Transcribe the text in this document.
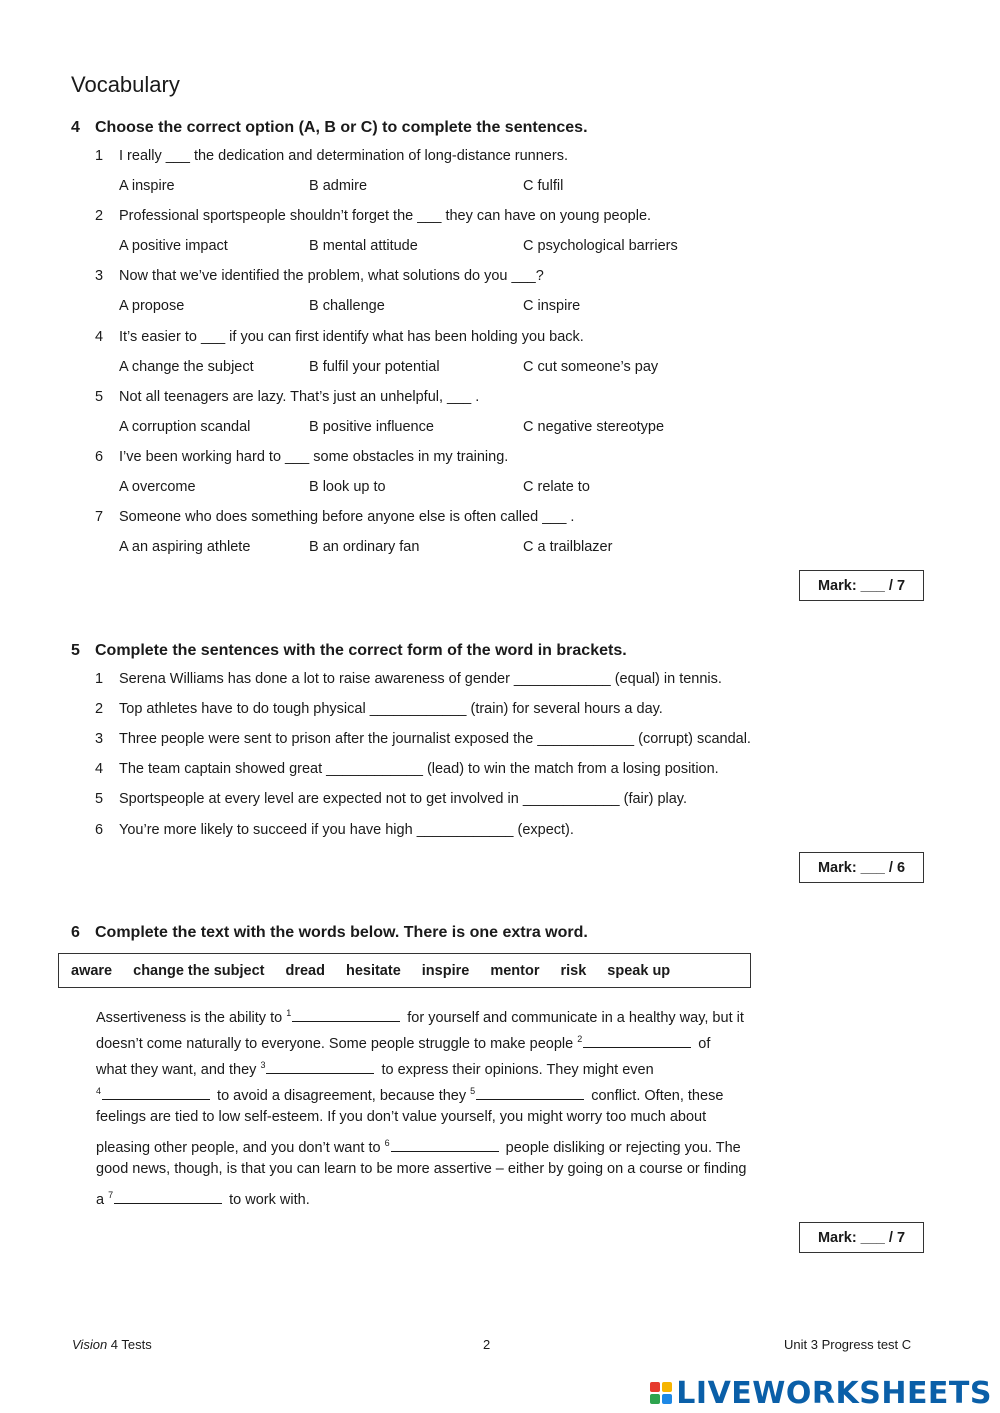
Vocabulary
4 Choose the correct option (A, B or C) to complete the sentences.
1 I really ___ the dedication and determination of long-distance runners.
A inspire	B admire	C fulfil
2 Professional sportspeople shouldn’t forget the ___ they can have on young people.
A positive impact	B mental attitude	C psychological barriers
3 Now that we’ve identified the problem, what solutions do you ___?
A propose	B challenge	C inspire
4 It’s easier to ___ if you can first identify what has been holding you back.
A change the subject	B fulfil your potential	C cut someone’s pay
5 Not all teenagers are lazy. That’s just an unhelpful, ___ .
A corruption scandal	B positive influence	C negative stereotype
6 I’ve been working hard to ___ some obstacles in my training.
A overcome	B look up to	C relate to
7 Someone who does something before anyone else is often called ___ .
A an aspiring athlete	B an ordinary fan	C a trailblazer
Mark: ___ / 7
5 Complete the sentences with the correct form of the word in brackets.
1 Serena Williams has done a lot to raise awareness of gender ____________ (equal) in tennis.
2 Top athletes have to do tough physical ____________ (train) for several hours a day.
3 Three people were sent to prison after the journalist exposed the ____________ (corrupt) scandal.
4 The team captain showed great ____________ (lead) to win the match from a losing position.
5 Sportspeople at every level are expected not to get involved in ____________ (fair) play.
6 You’re more likely to succeed if you have high ____________ (expect).
Mark: ___ / 6
6 Complete the text with the words below. There is one extra word.
aware change the subject dread hesitate inspire mentor risk speak up
Assertiveness is the ability to $^1$	for yourself and communicate in a healthy way, but it
doesn’t come naturally to everyone. Some people struggle to make people $^2$	of
what they want, and they $^3$	to express their opinions. They might even
$^4$	to avoid a disagreement, because they $^5$	conflict. Often, these
feelings are tied to low self-esteem. If you don’t value yourself, you might worry too much about
pleasing other people, and you don’t want to $^6$	people disliking or rejecting you. The
good news, though, is that you can learn to be more assertive – either by going on a course or finding
a $^7$	to work with.
Mark: ___ / 7
Vision 4 Tests	2	Unit 3 Progress test C
LIVEWORKSHEETS
